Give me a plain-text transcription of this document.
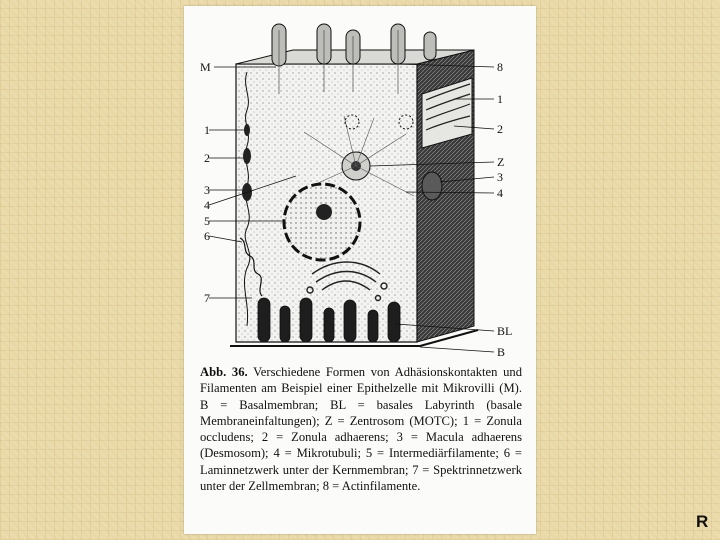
M
1
2
3
4
5
6
7
8
1
2
Z
3
4
BL
B

Abb. 36. Verschiedene Formen von Adhäsionskontakten und Filamenten am Beispiel einer Epithelzelle mit Mikrovilli (M). B = Basalmembran; BL = basales Labyrinth (basale Membraneinfaltungen); Z = Zentrosom (MOTC); 1 = Zonula occludens; 2 = Zonula adhaerens; 3 = Macula adhaerens (Desmosom); 4 = Mikrotubuli; 5 = Intermediärfilamente; 6 = Laminnetzwerk unter der Kernmembran; 7 = Spektrinnetzwerk unter der Zellmembran; 8 = Actinfilamente.

R
